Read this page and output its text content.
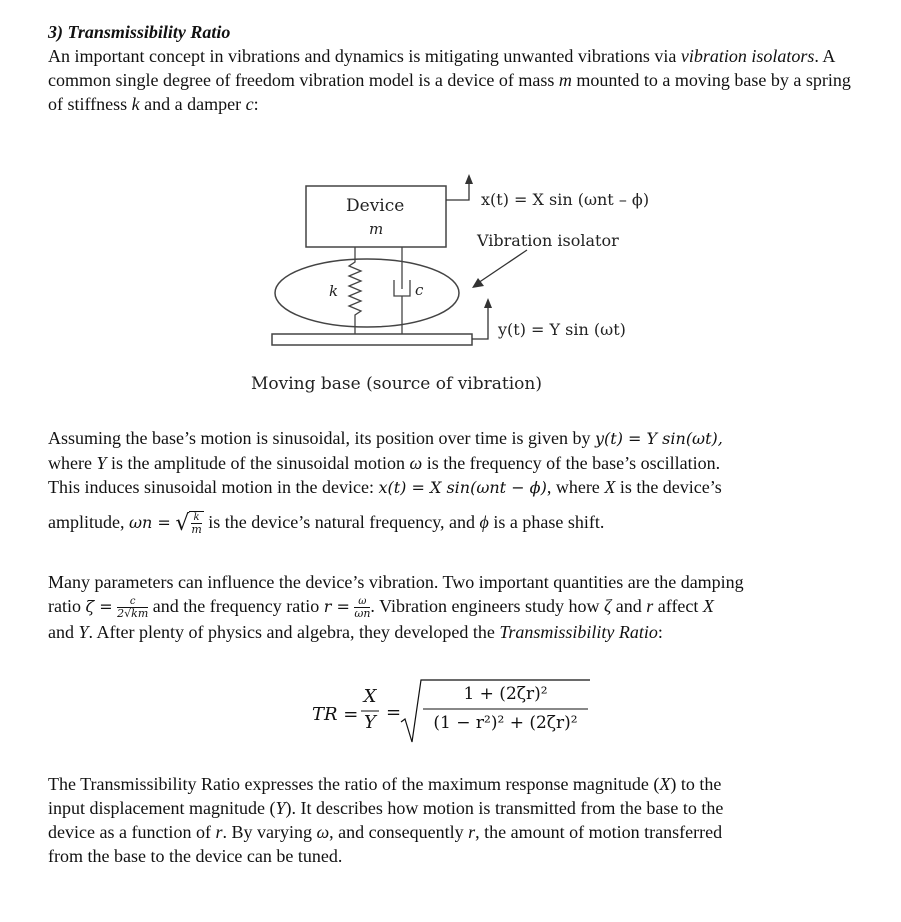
3) Transmissibility Ratio

An important concept in vibrations and dynamics is mitigating unwanted vibrations via vibration isolators. A common single degree of freedom vibration model is a device of mass m mounted to a moving base by a spring of stiffness k and a damper c:

Device
m
k	c
x(t) = X sin (ωnt – ϕ)
Vibration isolator
y(t) = Y sin (ωt)
Moving base (source of vibration)

Assuming the base’s motion is sinusoidal, its position over time is given by y(t) = Y sin(ωt),
where Y is the amplitude of the sinusoidal motion ω is the frequency of the base’s oscillation.
This induces sinusoidal motion in the device: x(t) = X sin(ωnt − ϕ), where X is the device’s

amplitude, ωn = √ $\frac{k}{m}$ is the device’s natural frequency, and ϕ is a phase shift.

Many parameters can influence the device’s vibration. Two important quantities are the damping
ratio $\zeta = \frac{c}{2√km}$ and the frequency ratio $r = \frac{\omega}{\omega n}$ . Vibration engineers study how ζ and r affect X
and Y. After plenty of physics and algebra, they developed the Transmissibility Ratio:

TR =
X
Y =
1 + (2ζr)²
(1 − r²)² + (2ζr)²

The Transmissibility Ratio expresses the ratio of the maximum response magnitude (X) to the
input displacement magnitude (Y). It describes how motion is transmitted from the base to the
device as a function of r. By varying ω, and consequently r, the amount of motion transferred
from the base to the device can be tuned.
